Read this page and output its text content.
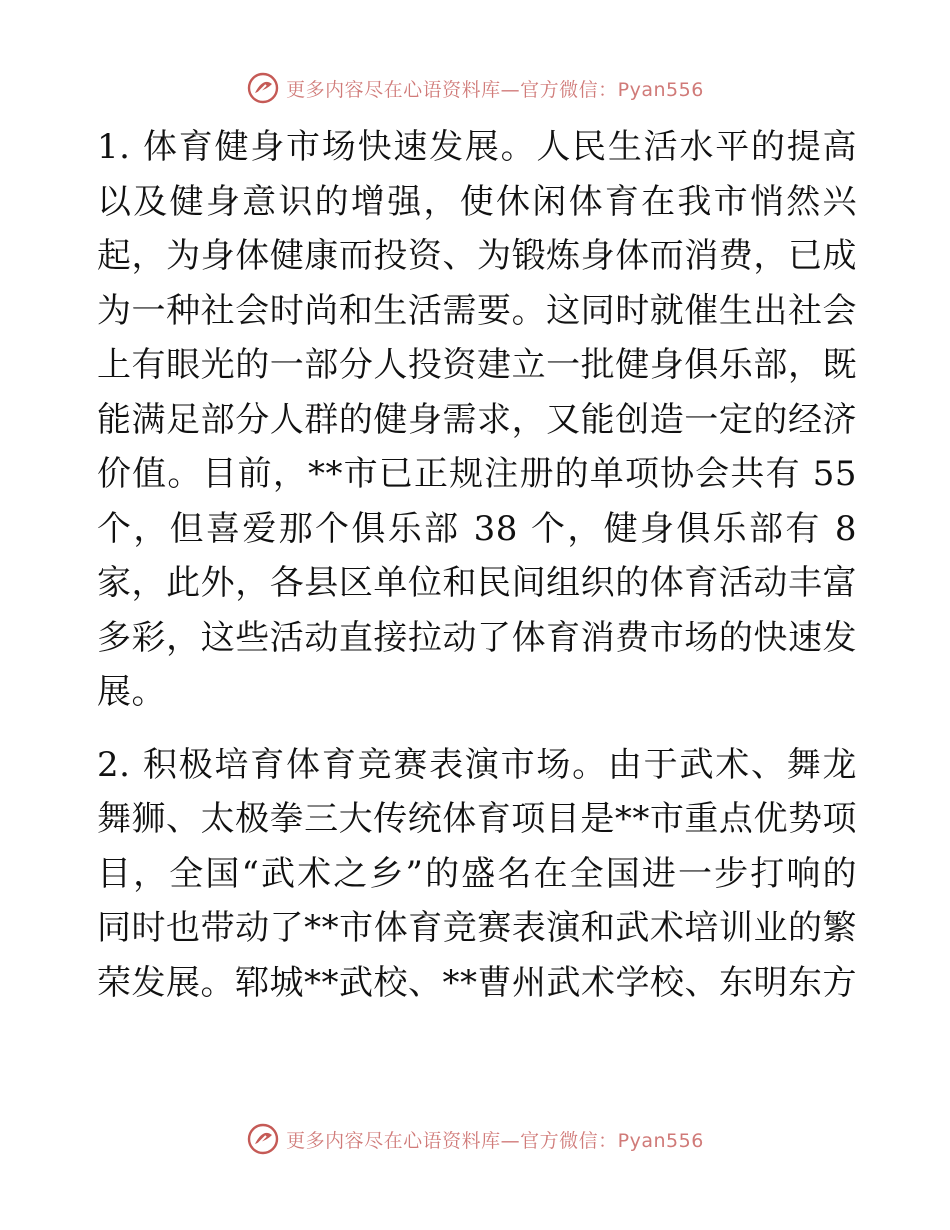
更多内容尽在心语资料库—官方微信：Pyan556

1. 体育健身市场快速发展。人民生活水平的提高以及健身意识的增强，使休闲体育在我市悄然兴起，为身体健康而投资、为锻炼身体而消费，已成为一种社会时尚和生活需要。这同时就催生出社会上有眼光的一部分人投资建立一批健身俱乐部，既能满足部分人群的健身需求，又能创造一定的经济价值。目前，**市已正规注册的单项协会共有 55 个，但喜爱那个俱乐部 38 个，健身俱乐部有 8 家，此外，各县区单位和民间组织的体育活动丰富多彩，这些活动直接拉动了体育消费市场的快速发展。

2. 积极培育体育竞赛表演市场。由于武术、舞龙舞狮、太极拳三大传统体育项目是**市重点优势项目，全国“武术之乡”的盛名在全国进一步打响的同时也带动了**市体育竞赛表演和武术培训业的繁荣发展。郓城**武校、**曹州武术学校、东明东方

更多内容尽在心语资料库—官方微信：Pyan556
